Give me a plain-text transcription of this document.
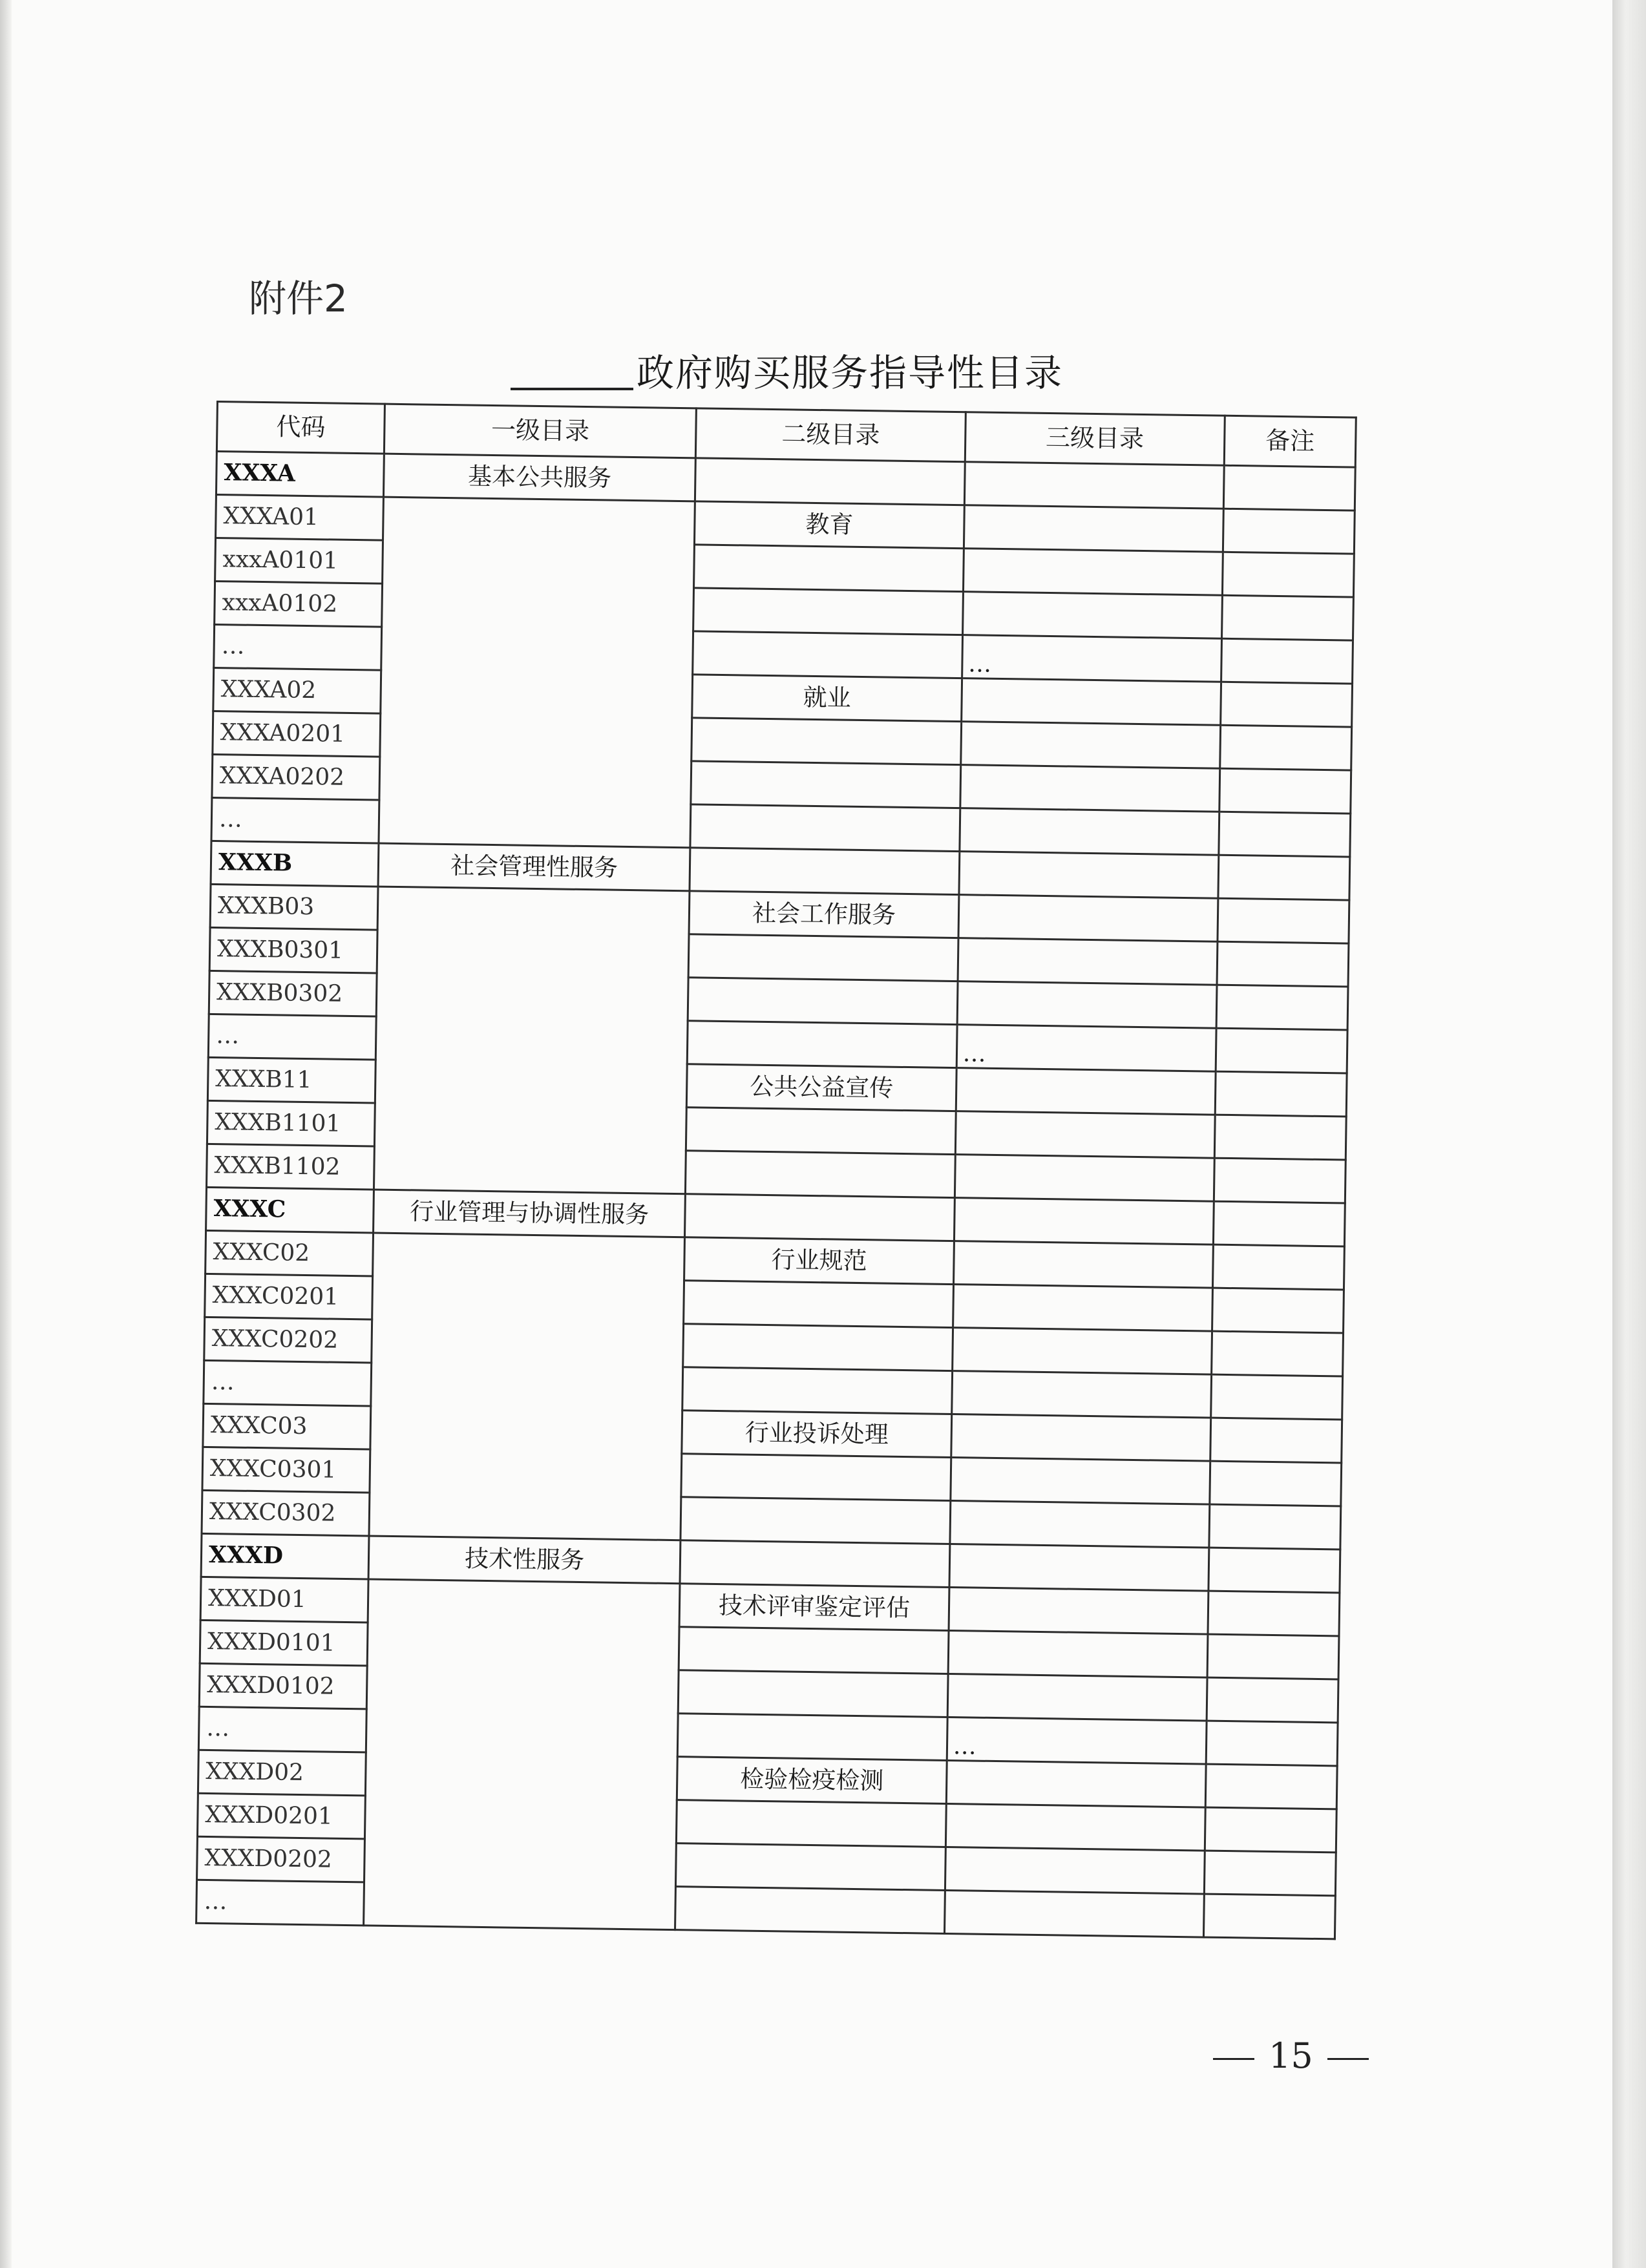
附件2
政府购买服务指导性目录
代码	一级目录	二级目录	三级目录	备注
XXXA	基本公共服务			
XXXA01		教育		
xxxA0101				
xxxA0102				
…			…	
XXXA02		就业		
XXXA0201				
XXXA0202				
…				
XXXB	社会管理性服务			
XXXB03		社会工作服务		
XXXB0301				
XXXB0302				
…			…	
XXXB11		公共公益宣传		
XXXB1101				
XXXB1102				
XXXC	行业管理与协调性服务			
XXXC02		行业规范		
XXXC0201				
XXXC0202				
…				
XXXC03		行业投诉处理		
XXXC0301				
XXXC0302				
XXXD	技术性服务			
XXXD01		技术评审鉴定评估		
XXXD0101				
XXXD0102				
…			…	
XXXD02		检验检疫检测		
XXXD0201				
XXXD0202				
…				
15
